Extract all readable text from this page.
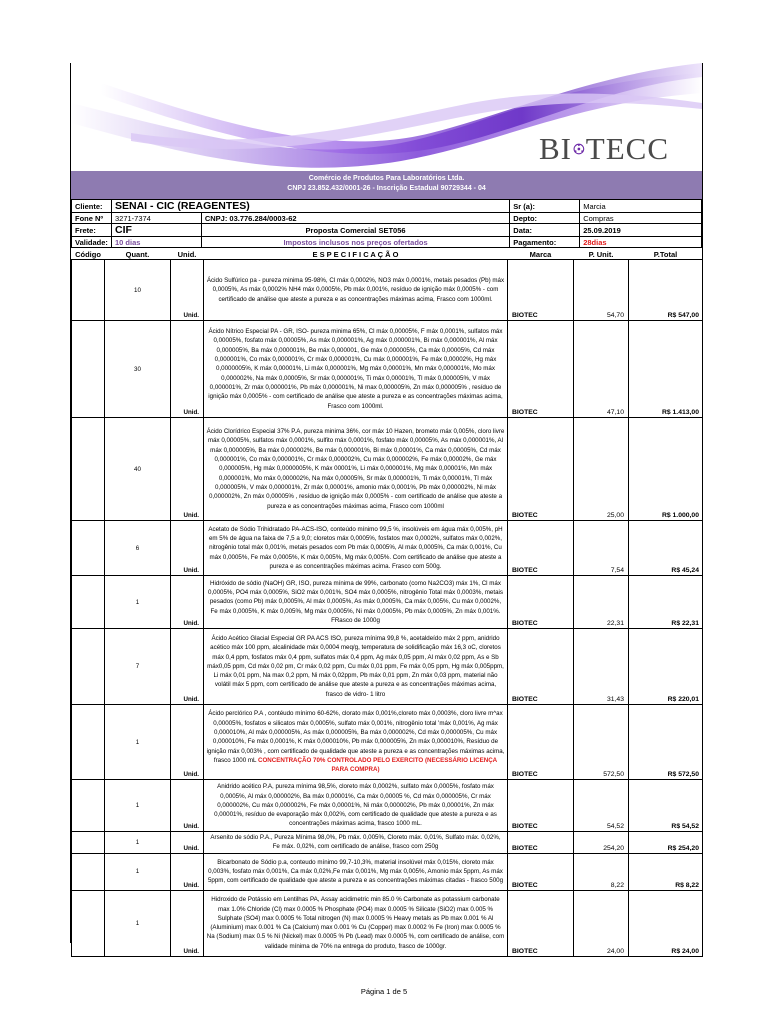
BI TECC
Comércio de Produtos Para Laboratórios Ltda.
CNPJ 23.852.432/0001-26 - Inscrição Estadual 90729344 - 04
Cliente:	SENAI - CIC (REAGENTES)		Sr (a):	Marcia
Fone Nº	3271-7374	CNPJ: 03.776.284/0003-62	Depto:	Compras
Frete:	CIF	Proposta Comercial SET056	Data:	25.09.2019
Validade:	10 dias	Impostos inclusos nos preços ofertados	Pagamento:	28dias
Código	Quant.	Unid.	E S P E C I F I C A Ç Ã O	Marca	P. Unit.	P.Total
	10	Unid.	Ácido Sulfúrico pa - pureza minima 95-98%, Cl máx 0,0002%, NO3 máx 0,0001%, metais pesados (Pb) máx 0,0005%, As máx 0,0002% NH4 máx 0,0005%, Pb máx 0,001%, resíduo de ignição máx 0,0005% - com certificado de análise que ateste a pureza e as concentrações máximas acima, Frasco com 1000ml.	BIOTEC	54,70	R$ 547,00
	30	Unid.	Ácido Nítrico Especial PA - GR, ISO- pureza minima 65%, Cl máx 0,00005%, F máx 0,0001%, sulfatos máx 0,00005%, fosfato máx 0,00005%, As máx 0,000001%, Ag máx 0,000001%, Bi máx 0,000001%, Al máx 0,000005%, Ba máx 0,000001%, Be máx 0,000001, Ge máx 0,000005%, Ca máx 0,00005%, Cd máx 0,000001%, Co máx 0,000001%, Cr máx 0,000001%, Cu máx 0,000001%, Fe máx 0,00002%, Hg máx 0,0000005%, K máx 0,00001%, Li máx 0,000001%, Mg máx 0,00001%, Mn máx 0,000001%, Mo máx 0,000002%, Na máx 0,00005%, Sr máx 0,000001%, Ti máx 0,00001%, Tl máx 0,000005%, V máx 0,000001%, Zr máx 0,000001%, Pb máx 0,000001%, Ni max 0,000005%, Zn máx 0,000005% , resíduo de ignição máx 0,0005% - com certificado de análise que ateste a pureza e as concentrações máximas acima, Frasco com 1000ml.	BIOTEC	47,10	R$ 1.413,00
	40	Unid.	Ácido Clorídrico Especial 37% P.A, pureza minima 36%, cor máx 10 Hazen, brometo máx 0,005%, cloro livre máx 0,00005%, sulfatos máx 0,0001%, sulfito máx 0,0001%, fosfato máx 0,00005%, As máx 0,000001%, Al máx 0,000005%, Ba máx 0,000002%, Be máx 0,000001%, Bi máx 0,00001%, Ca máx 0,00005%, Cd máx 0,000001%, Co máx 0,000001%, Cr máx 0,000002%, Cu máx 0,000002%, Fe máx 0,00002%, Ge máx 0,000005%, Hg máx 0,0000005%, K máx 00001%, Li máx 0,000001%, Mg máx 0,00001%, Mn máx 0,000001%, Mo máx 0,000002%, Na máx 0,00005%, Sr máx 0,000001%, Ti máx 0,00001%, Tl máx 0,000005%, V máx 0,000001%, Zr máx 0,00001%, amonio máx 0,0001%, Pb máx 0,000002%, Ni máx 0,000002%, Zn máx 0,00005% , resíduo de ignição máx 0,0005% - com certificado de análise que ateste a pureza e as concentrações máximas acima, Frasco com 1000ml	BIOTEC	25,00	R$ 1.000,00
	6	Unid.	Acetato de Sódio Trihidratado PA-ACS-ISO, conteúdo mínimo 99,5 %, insolúveis em água máx 0,005%, pH em 5% de água na faixa de 7,5 a 9,0; cloretos máx 0,0005%, fosfatos max 0,0002%, sulfatos máx 0,002%, nitrogênio total máx 0,001%, metais pesados com Pb máx 0,0005%, Al máx 0,0005%, Ca máx 0,001%, Cu máx 0,0005%, Fe máx 0,0005%, K máx 0,005%, Mg máx 0,005%. Com certificado de análise que ateste a pureza e as concentrações máximas acima. Frasco com 500g.	BIOTEC	7,54	R$ 45,24
	1	Unid.	Hidróxido de sódio (NaOH) GR, ISO, pureza mínima de 99%, carbonato (como Na2CO3) máx 1%, Cl máx 0,0005%, PO4 máx 0,0005%, SiO2 máx 0,001%, SO4 máx 0,0005%, nitrogênio Total máx 0,0003%, metais pesados (como Pb) máx 0,0005%, Al máx 0,0005%, As máx 0,0005%, Ca máx 0,005%, Cu máx 0,0002%, Fe máx 0,0005%, K máx 0,005%, Mg máx 0,0005%, Ni máx 0,0005%, Pb máx 0,0005%, Zn máx 0,001%. FRasco de 1000g	BIOTEC	22,31	R$ 22,31
	7	Unid.	Ácido Acético Glacial Especial GR PA ACS ISO, pureza mínima 99,8 %, acetaldeído máx 2 ppm, anidrido acético máx 100 ppm, alcalinidade máx 0,0004 meq/g, temperatura de solidificação máx 16,3 oC, cloretos máx 0,4 ppm, fosfatos máx 0,4 ppm, sulfatos máx 0,4 ppm, Ag máx 0,05 ppm, Al máx 0,02 ppm, As e Sb máx0,05 ppm, Cd máx 0,02 pm, Cr máx 0,02 ppm, Cu máx 0,01 ppm, Fe máx 0,05 ppm, Hg máx 0,005ppm, Li máx 0,01 ppm, Na max 0,2 ppm, Ni máx 0,02ppm, Pb máx 0,01 ppm, Zn máx 0,03 ppm, material não volátil máx 5 ppm, com certificado de análise que ateste a pureza e as concentrações máximas acima, frasco de vidro- 1 litro	BIOTEC	31,43	R$ 220,01
	1	Unid.	Ácido perclórico P.A , contéudo mínimo 60-62%, clorato máx 0,001%,cloreto máx 0,0003%, cloro livre m^ax 0,00005%, fosfatos e silicatos máx 0,0005%, sulfato máx 0,001%, nitrogênio total 'máx 0,001%, Ag máx 0,000010%, Al máx 0,000005%, As máx 0,000005%, Ba máx 0,000002%, Cd máx 0,000005%, Cu máx 0,000010%, Fe máx 0,0001%, K máx 0,000010%, Pb máx 0,000005%, Zn máx 0,000010%, Resíduo de ignição máx 0,003% , com certificado de qualidade que ateste a pureza e as concentrações máximas acima, frasco 1000 mL CONCENTRAÇÃO 70% CONTROLADO PELO EXERCITO (NECESSÁRIO LICENÇA PARA COMPRA)	BIOTEC	572,50	R$ 572,50
	1	Unid.	Anidrido acético P.A, pureza mínima 98,5%, cloreto máx 0,0002%, sulfato máx 0,0005%, fosfato máx 0,0005%, Al máx 0,000002%, Ba máx 0,00001%, Ca máx 0,00005 %, Cd máx 0,000005%, Cr máx 0,000002%, Cu máx 0,000002%, Fe máx 0,00001%, Ni máx 0,000002%, Pb máx 0,00001%, Zn máx 0,00001%, resíduo de evaporação máx 0,002%, com certificado de qualidade que ateste a pureza e as concentrações máximas acima, frasco 1000 mL.	BIOTEC	54,52	R$ 54,52
	1	Unid.	Arsenito de sódio P.A., Pureza Mínima 98,0%, Pb máx. 0,005%, Cloreto máx. 0,01%, Sulfato máx. 0,02%, Fe máx. 0,02%, com certificado de análise, frasco com 250g	BIOTEC	254,20	R$ 254,20
	1	Unid.	Bicarbonato de Sódio p.a, conteudo mínimo 99,7-10,3%, material insolúvel máx 0,015%, cloreto máx 0,003%, fosfato máx 0,001%, Ca máx 0,02%,Fe máx 0,001%, Mg máx 0,005%, Amonio máx 5ppm, As máx 5ppm, com certificado de qualidade que ateste a pureza e as concentrações máximas citadas - frasco 500g	BIOTEC	8,22	R$ 8,22
	1	Unid.	Hidroxido de Potássio em Lentilhas PA, Assay acidimetric min 85.0 % Carbonate as potassium carbonate max 1.0% Chloride (Cl) max 0.0005 % Phosphate (PO4) max 0.0005 % Silicate (SiO2) max 0.005 % Sulphate (SO4) max 0.0005 % Total nitrogen (N) max 0.0005 % Heavy metals as Pb max 0.001 % Al (Aluminium) max 0.001 % Ca (Calcium) max 0.001 % Cu (Copper) max 0.0002 % Fe (Iron) max 0.0005 % Na (Sodium) max 0.5 % Ni (Nickel) max 0.0005 % Pb (Lead) max 0.0005 %, com certificado de análise, com validade mínima de 70% na entrega do produto, frasco de 1000gr.	BIOTEC	24,00	R$ 24,00
Página 1 de 5
